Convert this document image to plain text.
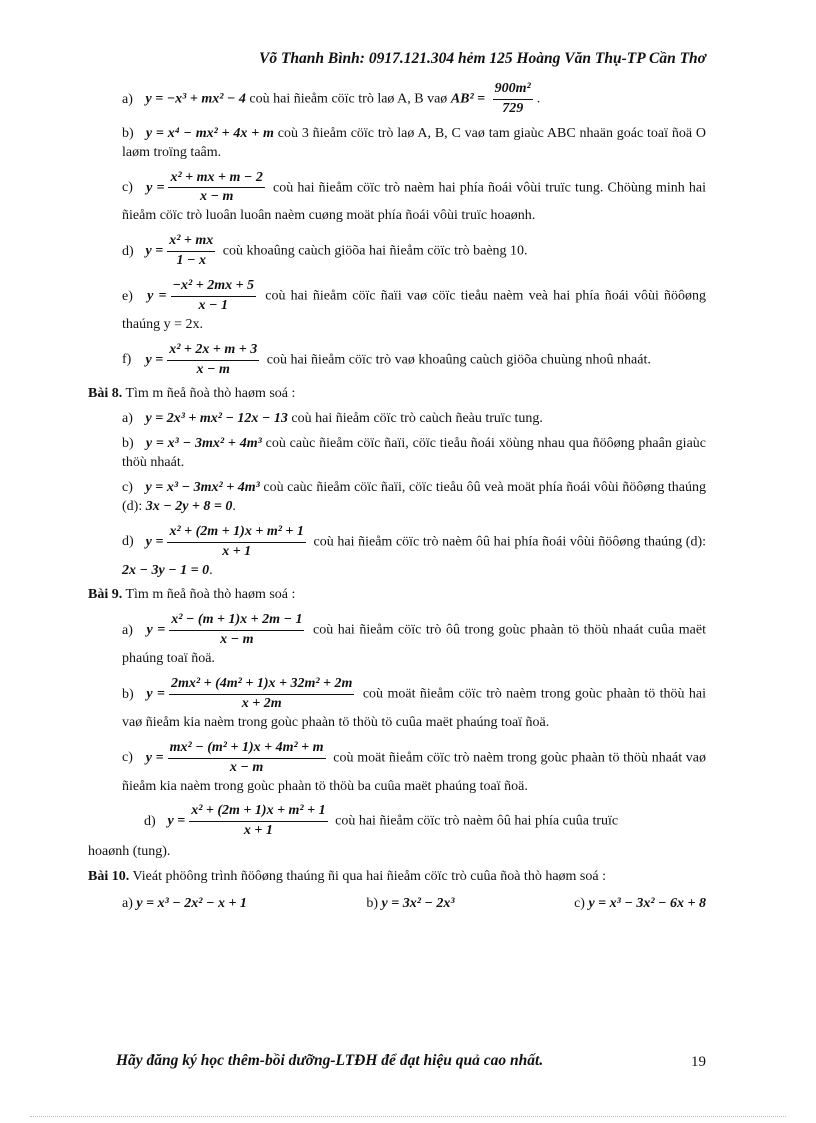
Võ Thanh Bình: 0917.121.304 hẻm 125 Hoàng Văn Thụ-TP Cần Thơ
a) y = −x³ + mx² − 4 coù hai ñieåm cöïc trò laø A, B vaø $AB^2 = \frac{\text{900m²}}{729}$ .
b) y = x⁴ − mx² + 4x + m coù 3 ñieåm cöïc trò laø A, B, C vaø tam giaùc ABC nhaän goác toaï ñoä O laøm troïng taâm.
c) $y = \frac{\text{x² + mx + m − 2}}{x - m}$ coù hai ñieåm cöïc trò naèm hai phía ñoái vôùi truïc tung. Chöùng minh hai ñieåm cöïc trò luoân luoân naèm cuøng moät phía ñoái vôùi truïc hoaønh.
d) $y = \frac{\text{x² + mx}}{1 - x}$ coù khoaûng caùch giöõa hai ñieåm cöïc trò baèng 10.
e) $y = \frac{\text{−x² + 2mx + 5}}{x - 1}$ coù hai ñieåm cöïc ñaïi vaø cöïc tieåu naèm veà hai phía ñoái vôùi ñöôøng thaúng y = 2x.
f) $y = \frac{\text{x² + 2x + m + 3}}{x - m}$ coù hai ñieåm cöïc trò vaø khoaûng caùch giöõa chuùng nhoû nhaát.
Bài 8. Tìm m ñeå ñoà thò haøm soá :
a) y = 2x³ + mx² − 12x − 13 coù hai ñieåm cöïc trò caùch ñeàu truïc tung.
b) y = x³ − 3mx² + 4m³ coù caùc ñieåm cöïc ñaïi, cöïc tieåu ñoái xöùng nhau qua ñöôøng phaân giaùc thöù nhaát.
c) y = x³ − 3mx² + 4m³ coù caùc ñieåm cöïc ñaïi, cöïc tieåu ôû veà moät phía ñoái vôùi ñöôøng thaúng (d): 3x − 2y + 8 = 0.
d) $y = \frac{\text{x² + (2m + 1)x + m² + 1}}{x + 1}$ coù hai ñieåm cöïc trò naèm ôû hai phía ñoái vôùi ñöôøng thaúng (d): 2x − 3y − 1 = 0.
Bài 9. Tìm m ñeå ñoà thò haøm soá :
a) $y = \frac{\text{x² − (m + 1)x + 2m − 1}}{x - m}$ coù hai ñieåm cöïc trò ôû trong goùc phaàn tö thöù nhaát cuûa maët phaúng toaï ñoä.
b) $y = \frac{\text{2mx² + (4m² + 1)x + 32m² + 2m}}{x + 2m}$ coù moät ñieåm cöïc trò naèm trong goùc phaàn tö thöù hai vaø ñieåm kia naèm trong goùc phaàn tö thöù tö cuûa maët phaúng toaï ñoä.
c) $y = \frac{\text{mx² − (m² + 1)x + 4m² + m}}{x - m}$ coù moät ñieåm cöïc trò naèm trong goùc phaàn tö thöù nhaát vaø ñieåm kia naèm trong goùc phaàn tö thöù ba cuûa maët phaúng toaï ñoä.
d) $y = \frac{\text{x² + (2m + 1)x + m² + 1}}{x + 1}$ coù hai ñieåm cöïc trò naèm ôû hai phía cuûa truïc
hoaønh (tung).
Bài 10. Vieát phöông trình ñöôøng thaúng ñi qua hai ñieåm cöïc trò cuûa ñoà thò haøm soá :
a) y = x³ − 2x² − x + 1	b) y = 3x² − 2x³	c) y = x³ − 3x² − 6x + 8
Hãy đăng ký học thêm-bồi dưỡng-LTĐH để đạt hiệu quả cao nhất.	19
